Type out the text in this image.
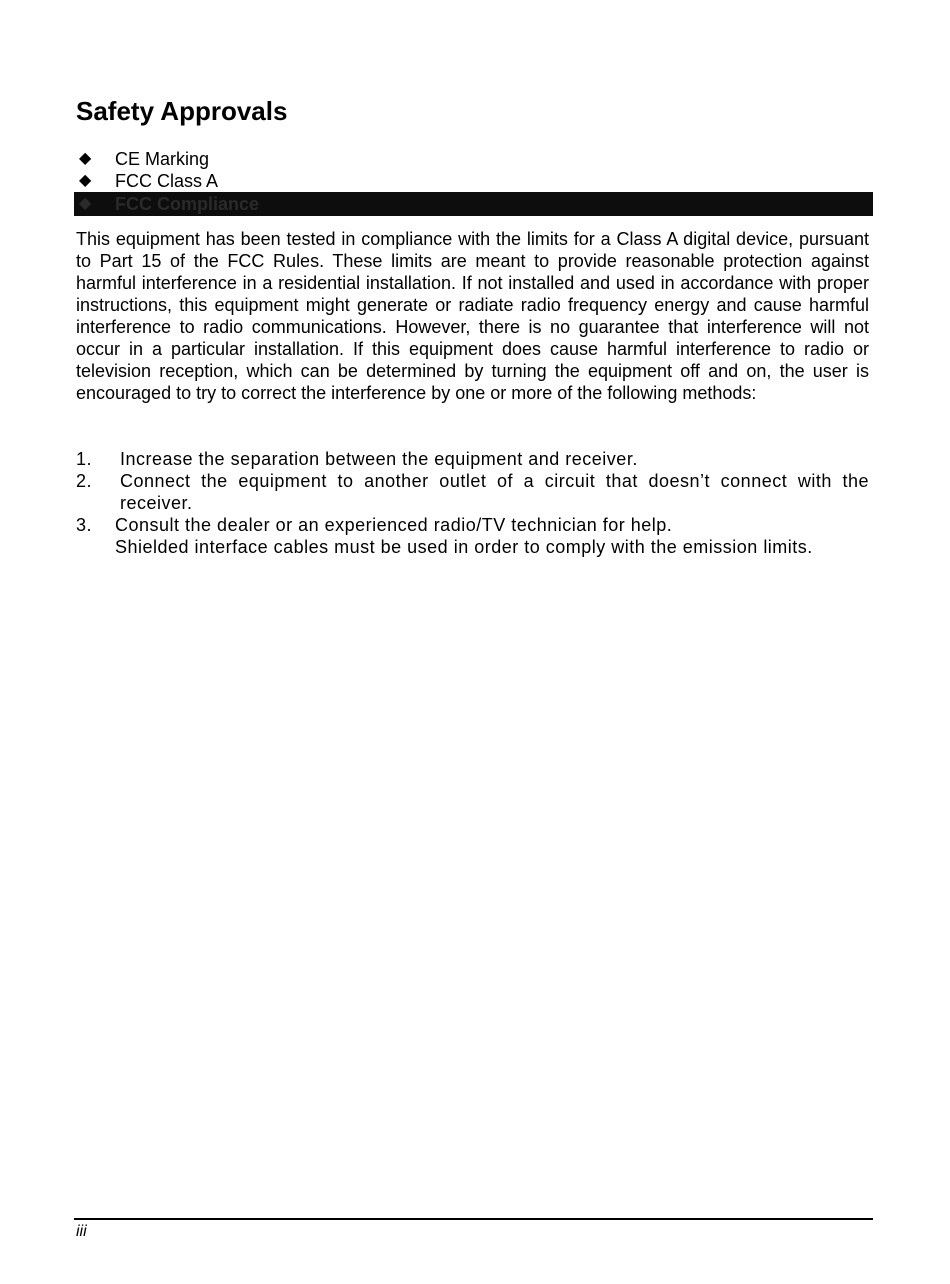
Safety Approvals
◆ CE Marking
◆ FCC Class A
◆ FCC Compliance

This equipment has been tested in compliance with the limits for a Class A digital device, pursuant to Part 15 of the FCC Rules. These limits are meant to provide reasonable protection against harmful interference in a residential installation. If not installed and used in accordance with proper instructions, this equipment might generate or radiate radio frequency energy and cause harmful interference to radio communications. However, there is no guarantee that interference will not occur in a particular installation. If this equipment does cause harmful interference to radio or television reception, which can be determined by turning the equipment off and on, the user is encouraged to try to correct the interference by one or more of the following methods:

1. Increase the separation between the equipment and receiver.
2. Connect the equipment to another outlet of a circuit that doesn’t connect with the receiver.
3. Consult the dealer or an experienced radio/TV technician for help.

Shielded interface cables must be used in order to comply with the emission limits.

iii
